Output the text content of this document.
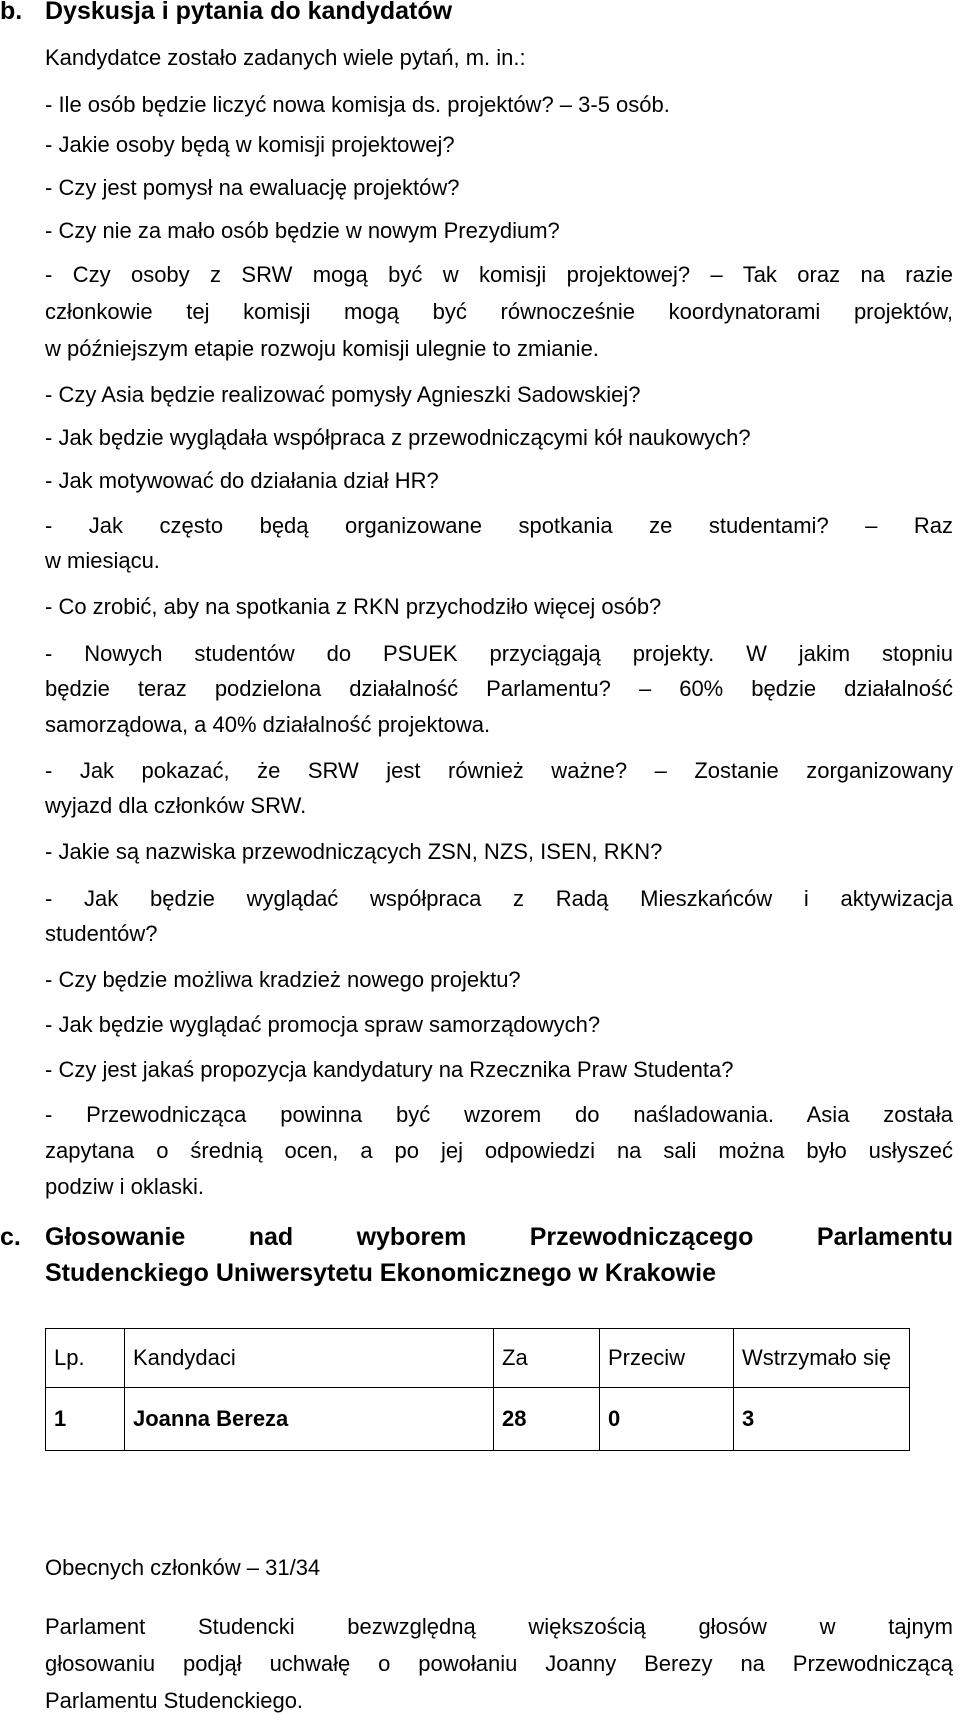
b. Dyskusja i pytania do kandydatów
Kandydatce zostało zadanych wiele pytań, m. in.:
- Ile osób będzie liczyć nowa komisja ds. projektów? – 3-5 osób.
- Jakie osoby będą w komisji projektowej?
- Czy jest pomysł na ewaluację projektów?
- Czy nie za mało osób będzie w nowym Prezydium?
- Czy osoby z SRW mogą być w komisji projektowej? – Tak oraz na razie
członkowie tej komisji mogą być równocześnie koordynatorami projektów,
w późniejszym etapie rozwoju komisji ulegnie to zmianie.
- Czy Asia będzie realizować pomysły Agnieszki Sadowskiej?
- Jak będzie wyglądała współpraca z przewodniczącymi kół naukowych?
- Jak motywować do działania dział HR?
- Jak często będą organizowane spotkania ze studentami? – Raz
w miesiącu.
- Co zrobić, aby na spotkania z RKN przychodziło więcej osób?
- Nowych studentów do PSUEK przyciągają projekty. W jakim stopniu
będzie teraz podzielona działalność Parlamentu? – 60% będzie działalność
samorządowa, a 40% działalność projektowa.
- Jak pokazać, że SRW jest również ważne? – Zostanie zorganizowany
wyjazd dla członków SRW.
- Jakie są nazwiska przewodniczących ZSN, NZS, ISEN, RKN?
- Jak będzie wyglądać współpraca z Radą Mieszkańców i aktywizacja
studentów?
- Czy będzie możliwa kradzież nowego projektu?
- Jak będzie wyglądać promocja spraw samorządowych?
- Czy jest jakaś propozycja kandydatury na Rzecznika Praw Studenta?
- Przewodnicząca powinna być wzorem do naśladowania. Asia została
zapytana o średnią ocen, a po jej odpowiedzi na sali można było usłyszeć
podziw i oklaski.
c. Głosowanie nad wyborem Przewodniczącego Parlamentu
Studenckiego Uniwersytetu Ekonomicznego w Krakowie
Lp.	Kandydaci	Za	Przeciw	Wstrzymało się
1	Joanna Bereza	28	0	3
Obecnych członków – 31/34
Parlament Studencki bezwzględną większością głosów w tajnym
głosowaniu podjął uchwałę o powołaniu Joanny Berezy na Przewodniczącą
Parlamentu Studenckiego.
